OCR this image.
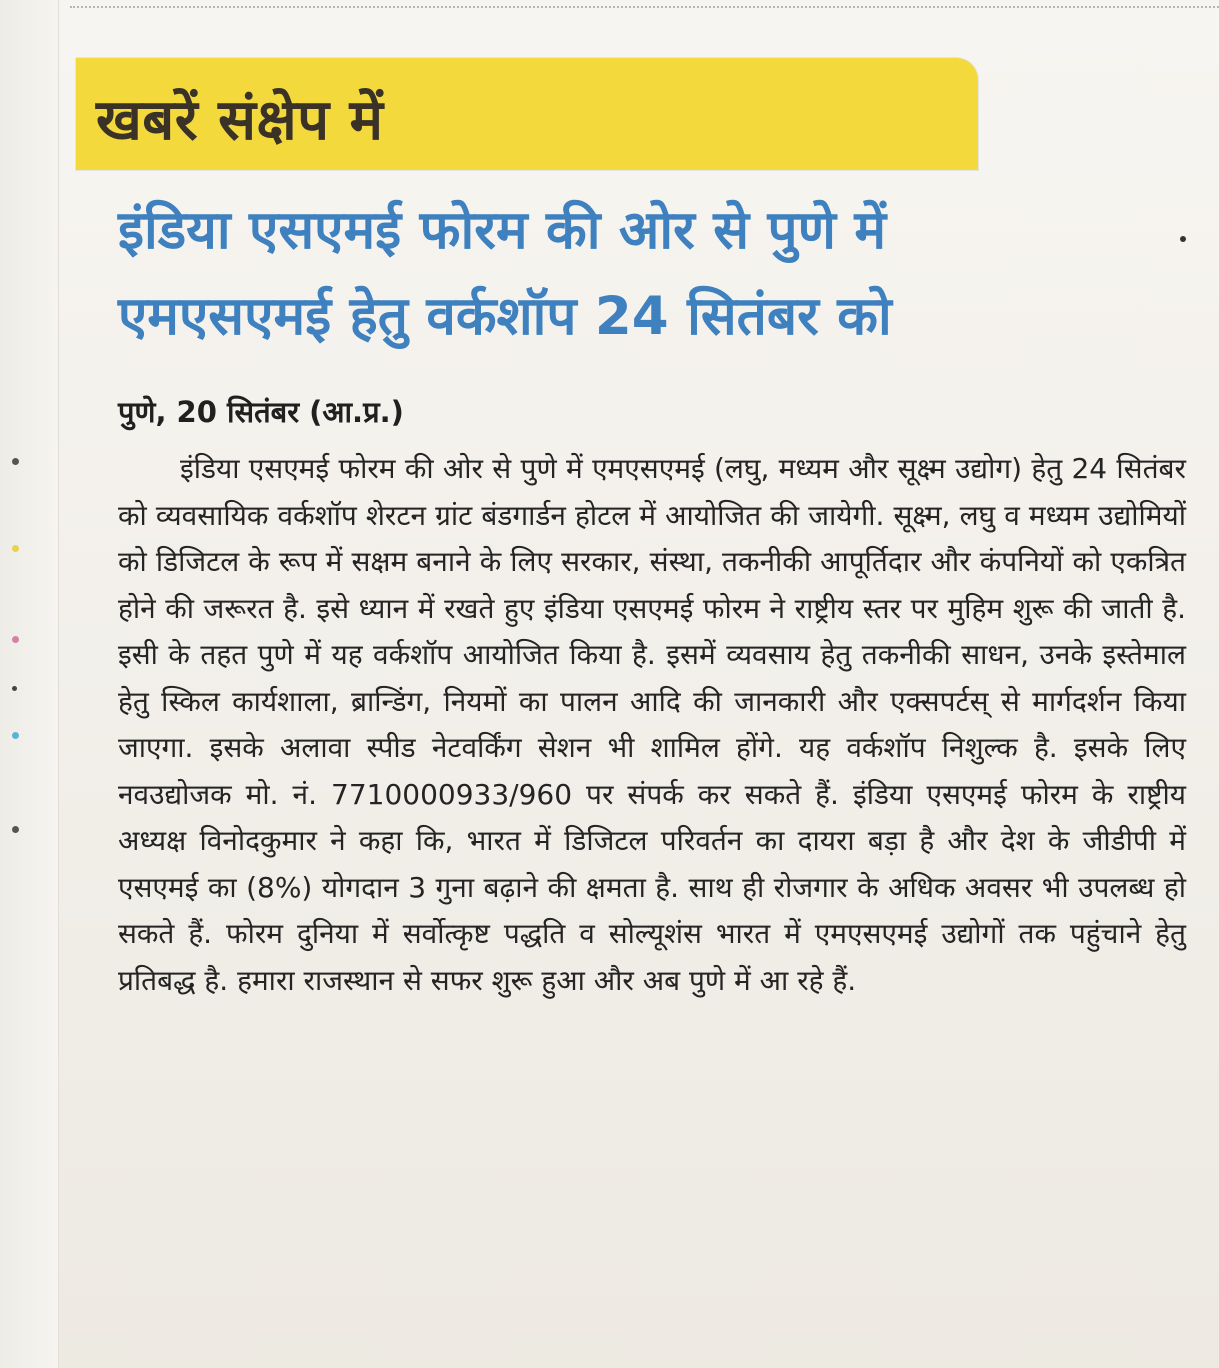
खबरें संक्षेप में
इंडिया एसएमई फोरम की ओर से पुणे में
एमएसएमई हेतु वर्कशॉप 24 सितंबर को

पुणे, 20 सितंबर (आ.प्र.)

इंडिया एसएमई फोरम की ओर से पुणे में एमएसएमई (लघु, मध्यम और सूक्ष्म उद्योग) हेतु 24 सितंबर को व्यवसायिक वर्कशॉप शेरटन ग्रांट बंडगार्डन होटल में आयोजित की जायेगी. सूक्ष्म, लघु व मध्यम उद्योमियों को डिजिटल के रूप में सक्षम बनाने के लिए सरकार, संस्था, तकनीकी आपूर्तिदार और कंपनियों को एकत्रित होने की जरूरत है. इसे ध्यान में रखते हुए इंडिया एसएमई फोरम ने राष्ट्रीय स्तर पर मुहिम शुरू की जाती है. इसी के तहत पुणे में यह वर्कशॉप आयोजित किया है. इसमें व्यवसाय हेतु तकनीकी साधन, उनके इस्तेमाल हेतु स्किल कार्यशाला, ब्रान्डिंग, नियमों का पालन आदि की जानकारी और एक्सपर्टस् से मार्गदर्शन किया जाएगा. इसके अलावा स्पीड नेटवर्किंग सेशन भी शामिल होंगे. यह वर्कशॉप निशुल्क है. इसके लिए नवउद्योजक मो. नं. 7710000933/960 पर संपर्क कर सकते हैं. इंडिया एसएमई फोरम के राष्ट्रीय अध्यक्ष विनोदकुमार ने कहा कि, भारत में डिजिटल परिवर्तन का दायरा बड़ा है और देश के जीडीपी में एसएमई का (8%) योगदान 3 गुना बढ़ाने की क्षमता है. साथ ही रोजगार के अधिक अवसर भी उपलब्ध हो सकते हैं. फोरम दुनिया में सर्वोत्कृष्ट पद्धति व सोल्यूशंस भारत में एमएसएमई उद्योगों तक पहुंचाने हेतु प्रतिबद्ध है. हमारा राजस्थान से सफर शुरू हुआ और अब पुणे में आ रहे हैं.
